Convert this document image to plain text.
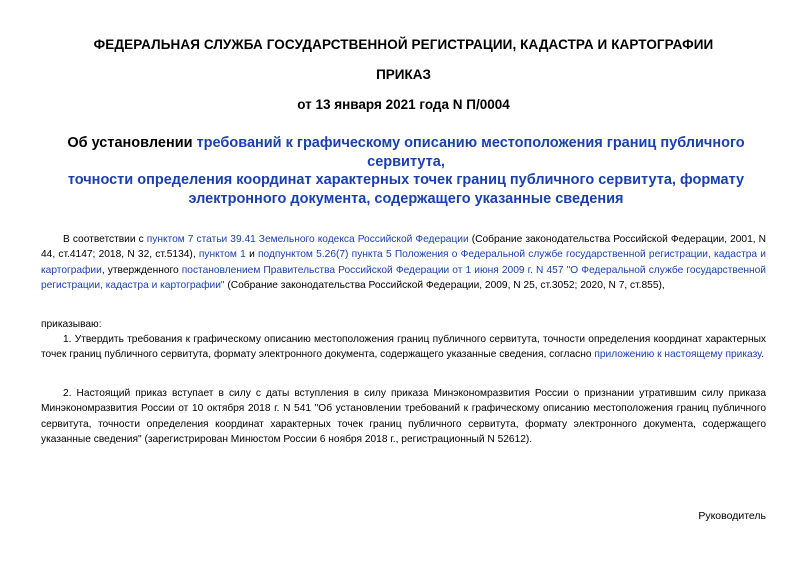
ФЕДЕРАЛЬНАЯ СЛУЖБА ГОСУДАРСТВЕННОЙ РЕГИСТРАЦИИ, КАДАСТРА И КАРТОГРАФИИ
ПРИКАЗ
от 13 января 2021 года N П/0004
Об установлении требований к графическому описанию местоположения границ публичного сервитута,
точности определения координат характерных точек границ публичного сервитута, формату электронного документа, содержащего указанные сведения

В соответствии с пунктом 7 статьи 39.41 Земельного кодекса Российской Федерации (Собрание законодательства Российской Федерации, 2001, N 44, ст.4147; 2018, N 32, ст.5134), пунктом 1 и подпунктом 5.26(7) пункта 5 Положения о Федеральной службе государственной регистрации, кадастра и картографии, утвержденного постановлением Правительства Российской Федерации от 1 июня 2009 г. N 457 "О Федеральной службе государственной регистрации, кадастра и картографии" (Собрание законодательства Российской Федерации, 2009, N 25, ст.3052; 2020, N 7, ст.855),

приказываю:

1. Утвердить требования к графическому описанию местоположения границ публичного сервитута, точности определения координат характерных точек границ публичного сервитута, формату электронного документа, содержащего указанные сведения, согласно приложению к настоящему приказу.

2. Настоящий приказ вступает в силу с даты вступления в силу приказа Минэкономразвития России о признании утратившим силу приказа Минэкономразвития России от 10 октября 2018 г. N 541 "Об установлении требований к графическому описанию местоположения границ публичного сервитута, точности определения координат характерных точек границ публичного сервитута, формату электронного документа, содержащего указанные сведения" (зарегистрирован Минюстом России 6 ноября 2018 г., регистрационный N 52612).

Руководитель
